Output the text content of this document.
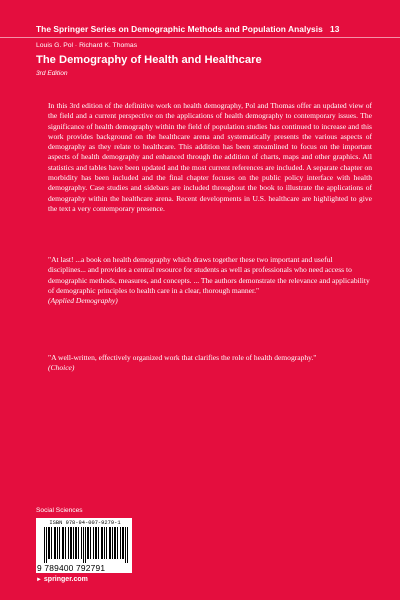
The Springer Series on Demographic Methods and Population Analysis 13
Louis G. Pol · Richard K. Thomas
The Demography of Health and Healthcare
3rd Edition

In this 3rd edition of the definitive work on health demography, Pol and Thomas offer an updated view of the field and a current perspective on the applications of health demography to contemporary issues. The significance of health demography within the field of population studies has continued to increase and this work provides background on the healthcare arena and systematically presents the various aspects of demography as they relate to healthcare. This addition has been streamlined to focus on the important aspects of health demography and enhanced through the addition of charts, maps and other graphics. All statistics and tables have been updated and the most current references are included. A separate chapter on morbidity has been included and the final chapter focuses on the public policy interface with health demography. Case studies and sidebars are included throughout the book to illustrate the applications of demography within the healthcare arena. Recent developments in U.S. healthcare are highlighted to give the text a very contemporary presence.

"At last! ...a book on health demography which draws together these two important and useful disciplines... and provides a central resource for students as well as professionals who need access to demographic methods, measures, and concepts. ... The authors demonstrate the relevance and applicability of demographic principles to health care in a clear, thorough manner."
(Applied Demography)
"A well-written, effectively organized work that clarifies the role of health demography."
(Choice)
Social Sciences
ISBN 978-94-007-9279-1
9 789400 792791
► springer.com
